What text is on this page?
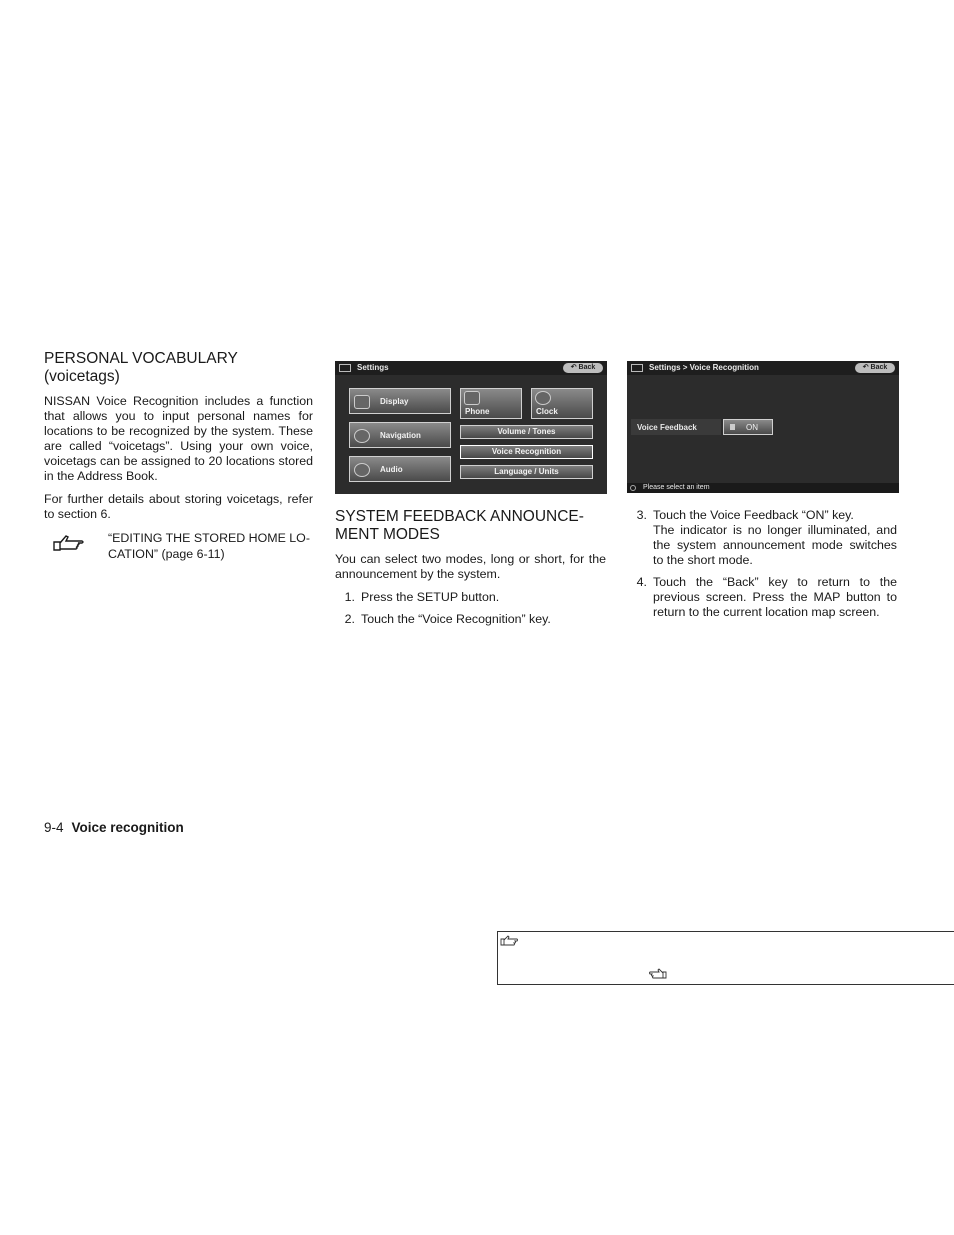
PERSONAL VOCABULARY
(voicetags)

NISSAN Voice Recognition includes a function that allows you to input personal names for locations to be recognized by the system. These are called “voicetags”. Using your own voice, voicetags can be assigned to 20 locations stored in the Address Book.

For further details about storing voicetags, refer to section 6.

“EDITING THE STORED HOME LO-
CATION” (page 6-11)
Settings	↶ Back
Display
Navigation
Audio
Phone	Clock
Volume / Tones
Voice Recognition
Language / Units
SYSTEM FEEDBACK ANNOUNCE-
MENT MODES

You can select two modes, long or short, for the announcement by the system.

1. Press the SETUP button.
2. Touch the “Voice Recognition” key.
Settings > Voice Recognition	↶ Back
Voice Feedback	ON
Please select an item
3. Touch the Voice Feedback “ON” key.
The indicator is no longer illuminated, and the system announcement mode switches to the short mode.
4. Touch the “Back” key to return to the previous screen. Press the MAP button to return to the current location map screen.
9-4 Voice recognition
